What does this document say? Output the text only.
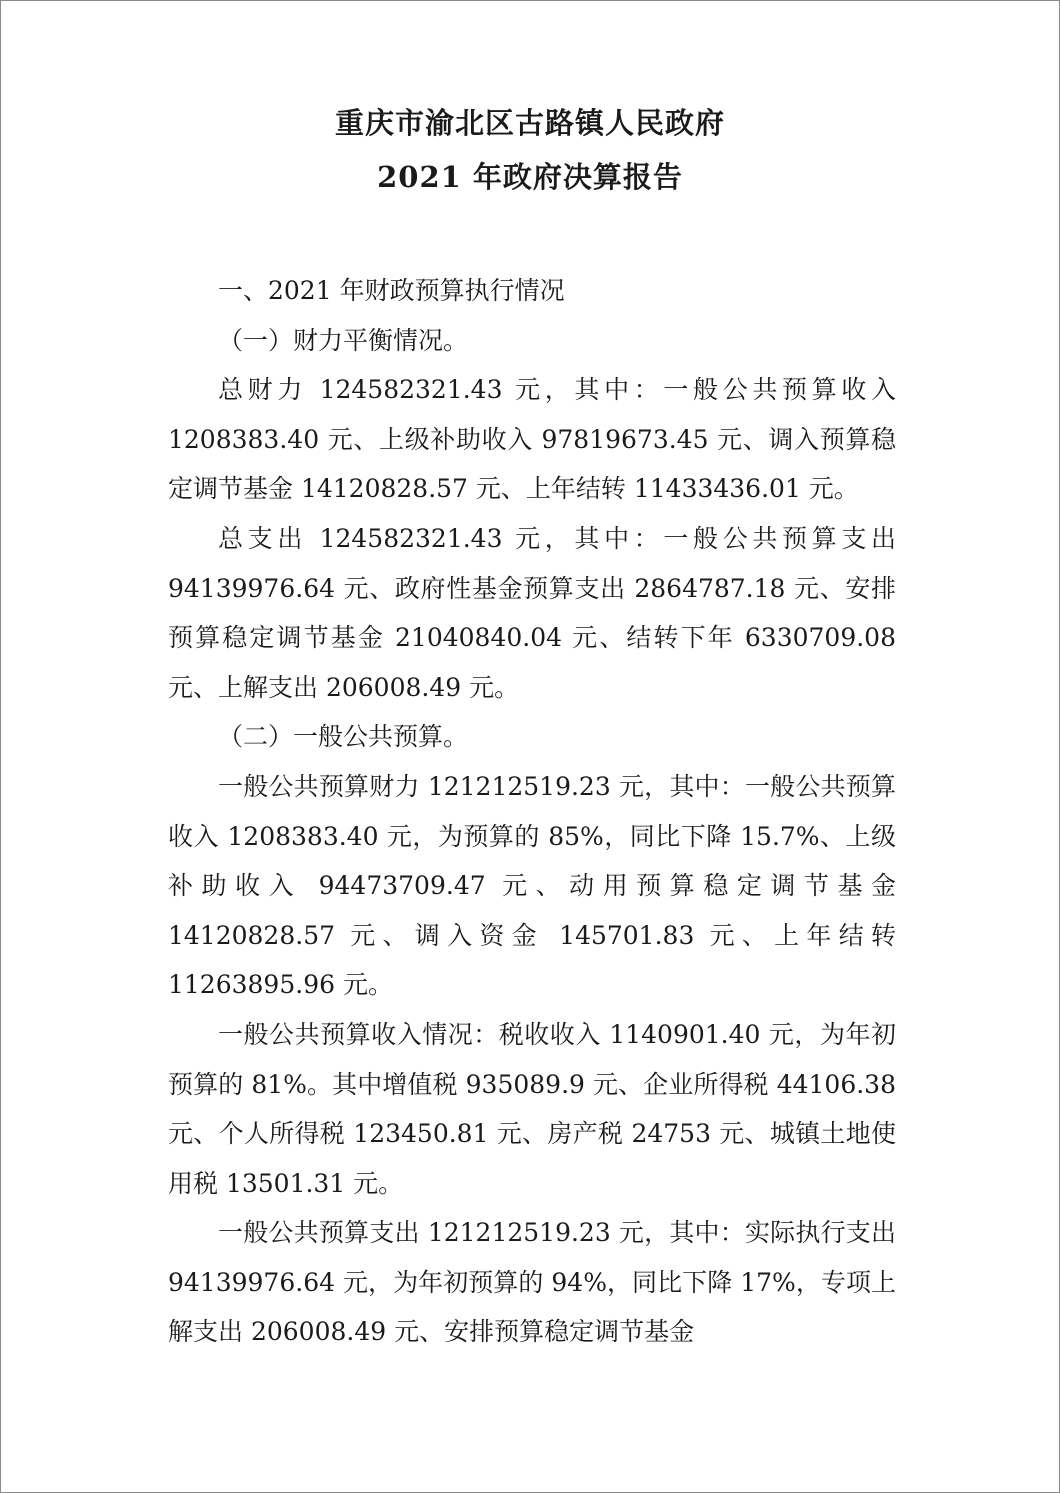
重庆市渝北区古路镇人民政府
2021 年政府决算报告

一、2021 年财政预算执行情况

（一）财力平衡情况。

总财力 124582321.43 元，其中：一般公共预算收入 1208383.40 元、上级补助收入 97819673.45 元、调入预算稳定调节基金 14120828.57 元、上年结转 11433436.01 元。

总支出 124582321.43 元，其中：一般公共预算支出 94139976.64 元、政府性基金预算支出 2864787.18 元、安排预算稳定调节基金 21040840.04 元、结转下年 6330709.08 元、上解支出 206008.49 元。

（二）一般公共预算。

一般公共预算财力 121212519.23 元，其中：一般公共预算收入 1208383.40 元，为预算的 85%，同比下降 15.7%、上级补助收入 94473709.47 元、动用预算稳定调节基金 14120828.57 元、调入资金 145701.83 元、上年结转 11263895.96 元。

一般公共预算收入情况：税收收入 1140901.40 元，为年初预算的 81%。其中增值税 935089.9 元、企业所得税 44106.38 元、个人所得税 123450.81 元、房产税 24753 元、城镇土地使用税 13501.31 元。

一般公共预算支出 121212519.23 元，其中：实际执行支出 94139976.64 元，为年初预算的 94%，同比下降 17%，专项上解支出 206008.49 元、安排预算稳定调节基金
